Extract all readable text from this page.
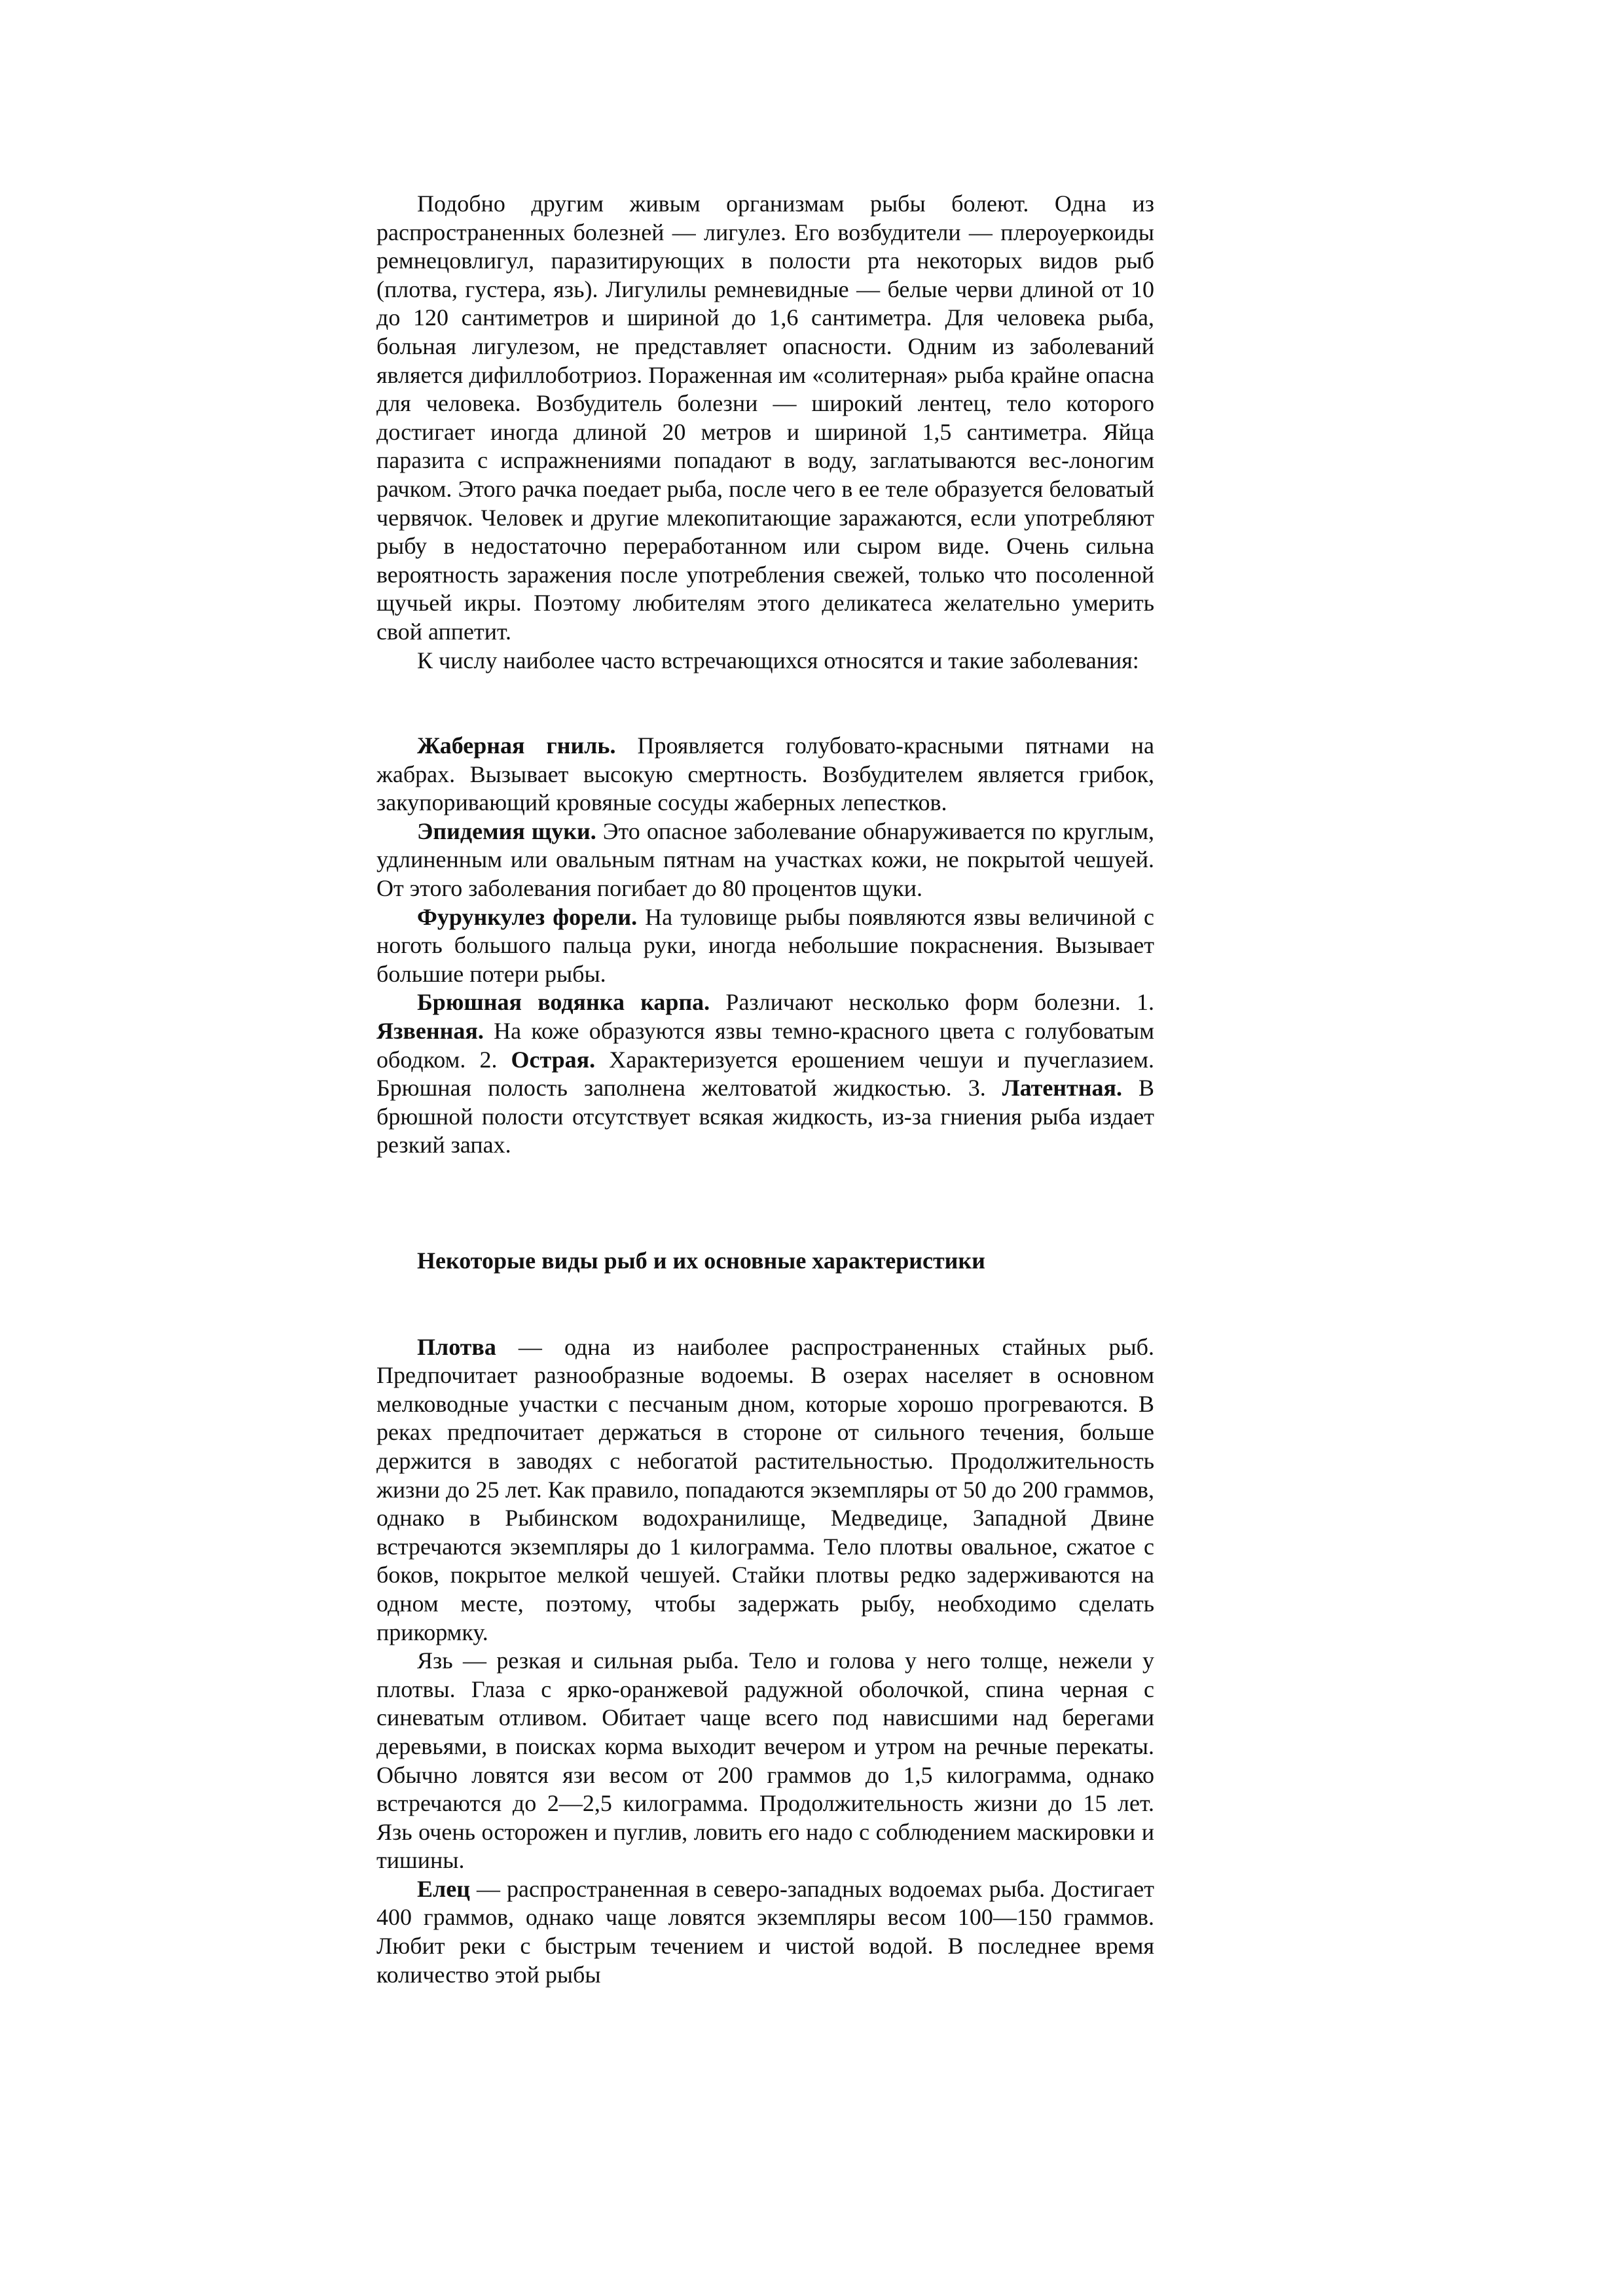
Подобно другим живым организмам рыбы болеют. Одна из распространенных болезней — лигулез. Его возбудители — плероуеркоиды ремнецовлигул, паразитирующих в полости рта некоторых видов рыб (плотва, густера, язь). Лигулилы ремневидные — белые черви длиной от 10 до 120 сантиметров и шириной до 1,6 сантиметра. Для человека рыба, больная лигулезом, не представляет опасности. Одним из заболеваний является дифиллоботриоз. Пораженная им «солитерная» рыба крайне опасна для человека. Возбудитель болезни — широкий лентец, тело которого достигает иногда длиной 20 метров и шириной 1,5 сантиметра. Яйца паразита с испражнениями попадают в воду, заглатываются вес-лоногим рачком. Этого рачка поедает рыба, после чего в ее теле образуется беловатый червячок. Человек и другие млекопитающие заражаются, если употребляют рыбу в недостаточно переработанном или сыром виде. Очень сильна вероятность заражения после употребления свежей, только что посоленной щучьей икры. Поэтому любителям этого деликатеса желательно умерить свой аппетит.

К числу наиболее часто встречающихся относятся и такие заболевания:

Жаберная гниль. Проявляется голубовато-красными пятнами на жабрах. Вызывает высокую смертность. Возбудителем является грибок, закупоривающий кровяные сосуды жаберных лепестков.

Эпидемия щуки. Это опасное заболевание обнаруживается по круглым, удлиненным или овальным пятнам на участках кожи, не покрытой чешуей. От этого заболевания погибает до 80 процентов щуки.

Фурункулез форели. На туловище рыбы появляются язвы величиной с ноготь большого пальца руки, иногда небольшие покраснения. Вызывает большие потери рыбы.

Брюшная водянка карпа. Различают несколько форм болезни. 1. Язвенная. На коже образуются язвы темно-красного цвета с голубоватым ободком. 2. Острая. Характеризуется ерошением чешуи и пучеглазием. Брюшная полость заполнена желтоватой жидкостью. 3. Латентная. В брюшной полости отсутствует всякая жидкость, из-за гниения рыба издает резкий запах.

Некоторые виды рыб и их основные характеристики

Плотва — одна из наиболее распространенных стайных рыб. Предпочитает разнообразные водоемы. В озерах населяет в основном мелководные участки с песчаным дном, которые хорошо прогреваются. В реках предпочитает держаться в стороне от сильного течения, больше держится в заводях с небогатой растительностью. Продолжительность жизни до 25 лет. Как правило, попадаются экземпляры от 50 до 200 граммов, однако в Рыбинском водохранилище, Медведице, Западной Двине встречаются экземпляры до 1 килограмма. Тело плотвы овальное, сжатое с боков, покрытое мелкой чешуей. Стайки плотвы редко задерживаются на одном месте, поэтому, чтобы задержать рыбу, необходимо сделать прикормку.

Язь — резкая и сильная рыба. Тело и голова у него толще, нежели у плотвы. Глаза с ярко-оранжевой радужной оболочкой, спина черная с синеватым отливом. Обитает чаще всего под нависшими над берегами деревьями, в поисках корма выходит вечером и утром на речные перекаты. Обычно ловятся язи весом от 200 граммов до 1,5 килограмма, однако встречаются до 2—2,5 килограмма. Продолжительность жизни до 15 лет. Язь очень осторожен и пуглив, ловить его надо с соблюдением маскировки и тишины.

Елец — распространенная в северо-западных водоемах рыба. Достигает 400 граммов, однако чаще ловятся экземпляры весом 100—150 граммов. Любит реки с быстрым течением и чистой водой. В последнее время количество этой рыбы
